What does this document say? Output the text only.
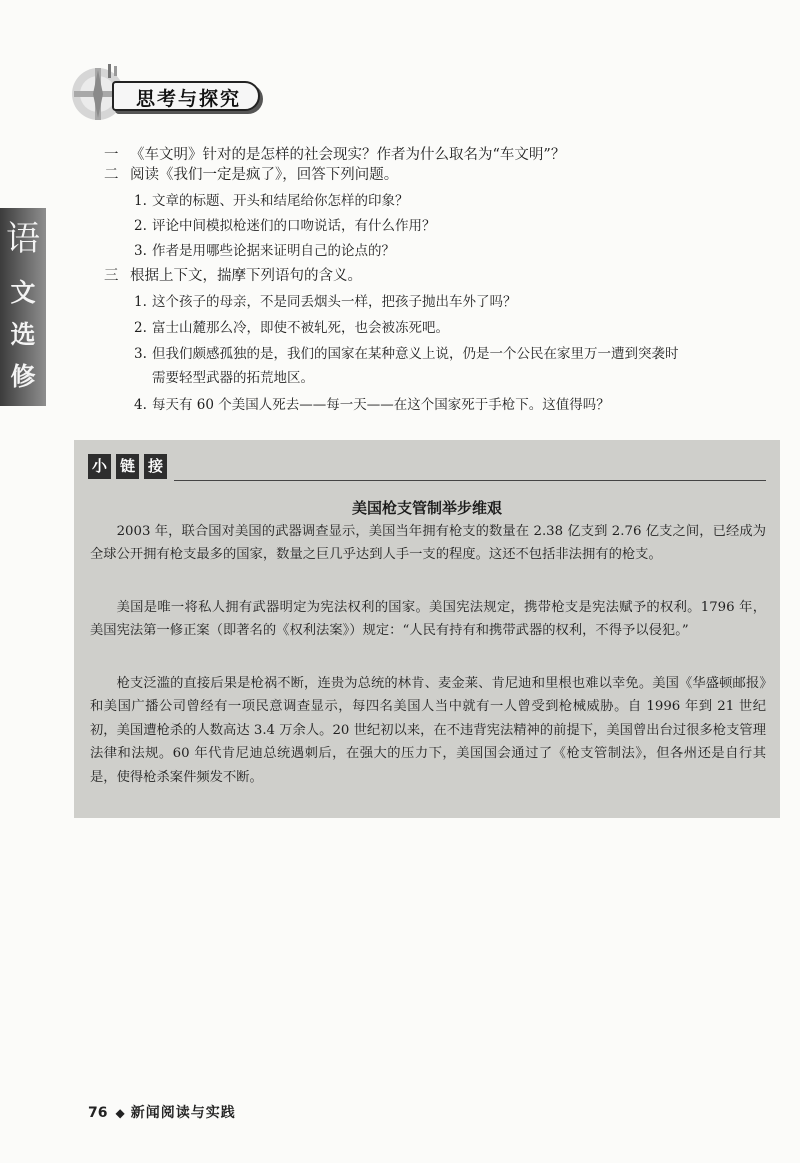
语
文
选
修
思考与探究
一 《车文明》针对的是怎样的社会现实？作者为什么取名为“车文明”？
二 阅读《我们一定是疯了》，回答下列问题。
1. 文章的标题、开头和结尾给你怎样的印象？
2. 评论中间模拟枪迷们的口吻说话，有什么作用？
3. 作者是用哪些论据来证明自己的论点的？
三 根据上下文，揣摩下列语句的含义。
1. 这个孩子的母亲，不是同丢烟头一样，把孩子抛出车外了吗？
2. 富士山麓那么冷，即使不被轧死，也会被冻死吧。
3. 但我们颇感孤独的是，我们的国家在某种意义上说，仍是一个公民在家里万一遭到突袭时
需要轻型武器的拓荒地区。
4. 每天有 60 个美国人死去——每一天——在这个国家死于手枪下。这值得吗？
小 链 接
美国枪支管制举步维艰

2003 年，联合国对美国的武器调查显示，美国当年拥有枪支的数量在 2.38 亿支到 2.76 亿支之间，已经成为全球公开拥有枪支最多的国家，数量之巨几乎达到人手一支的程度。这还不包括非法拥有的枪支。

美国是唯一将私人拥有武器明定为宪法权利的国家。美国宪法规定，携带枪支是宪法赋予的权利。1796 年，美国宪法第一修正案（即著名的《权利法案》）规定：“人民有持有和携带武器的权利，不得予以侵犯。”

枪支泛滥的直接后果是枪祸不断，连贵为总统的林肯、麦金莱、肯尼迪和里根也难以幸免。美国《华盛顿邮报》和美国广播公司曾经有一项民意调查显示，每四名美国人当中就有一人曾受到枪械威胁。自 1996 年到 21 世纪初，美国遭枪杀的人数高达 3.4 万余人。20 世纪初以来，在不违背宪法精神的前提下，美国曾出台过很多枪支管理法律和法规。60 年代肯尼迪总统遇刺后，在强大的压力下，美国国会通过了《枪支管制法》，但各州还是自行其是，使得枪杀案件频发不断。

76 ◆ 新闻阅读与实践
